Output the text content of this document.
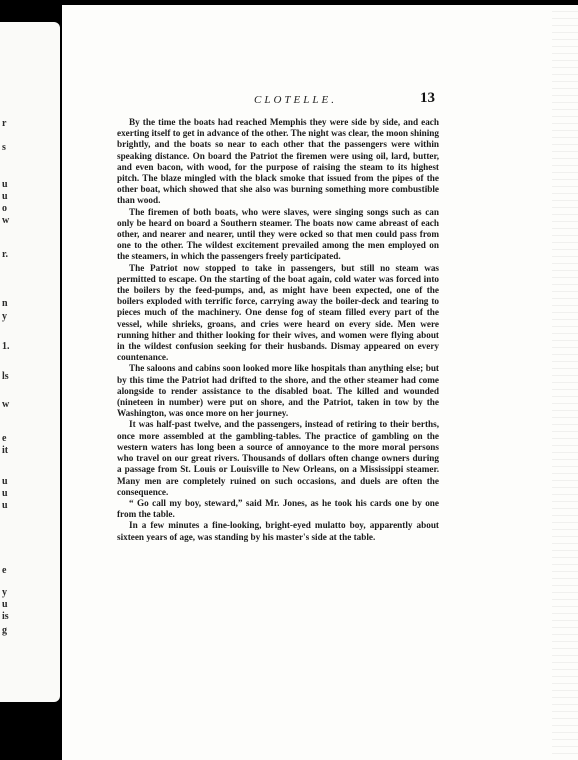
r
s
u
u
o
w
r.
n
y
1.
ls
w
e
it
u
u
u
e
y
u
is
g
CLOTELLE.	13

By the time the boats had reached Memphis they were side by side, and each exerting itself to get in advance of the other. The night was clear, the moon shining brightly, and the boats so near to each other that the passengers were within speaking distance. On board the Patriot the firemen were using oil, lard, butter, and even bacon, with wood, for the purpose of raising the steam to its highest pitch. The blaze mingled with the black smoke that issued from the pipes of the other boat, which showed that she also was burning something more combustible than wood.

The firemen of both boats, who were slaves, were singing songs such as can only be heard on board a Southern steamer. The boats now came abreast of each other, and nearer and nearer, until they were ocked so that men could pass from one to the other. The wildest excitement prevailed among the men employed on the steamers, in which the passengers freely participated.

The Patriot now stopped to take in passengers, but still no steam was permitted to escape. On the starting of the boat again, cold water was forced into the boilers by the feed-pumps, and, as might have been expected, one of the boilers exploded with terrific force, carrying away the boiler-deck and tearing to pieces much of the machinery. One dense fog of steam filled every part of the vessel, while shrieks, groans, and cries were heard on every side. Men were running hither and thither looking for their wives, and women were flying about in the wildest confusion seeking for their husbands. Dismay appeared on every countenance.

The saloons and cabins soon looked more like hospitals than anything else; but by this time the Patriot had drifted to the shore, and the other steamer had come alongside to render assistance to the disabled boat. The killed and wounded (nineteen in number) were put on shore, and the Patriot, taken in tow by the Washington, was once more on her journey.

It was half-past twelve, and the passengers, instead of retiring to their berths, once more assembled at the gambling-tables. The practice of gambling on the western waters has long been a source of annoyance to the more moral persons who travel on our great rivers. Thousands of dollars often change owners during a passage from St. Louis or Louisville to New Orleans, on a Mississippi steamer. Many men are completely ruined on such occasions, and duels are often the consequence.

“ Go call my boy, steward,” said Mr. Jones, as he took his cards one by one from the table.

In a few minutes a fine-looking, bright-eyed mulatto boy, apparently about sixteen years of age, was standing by his master's side at the table.
